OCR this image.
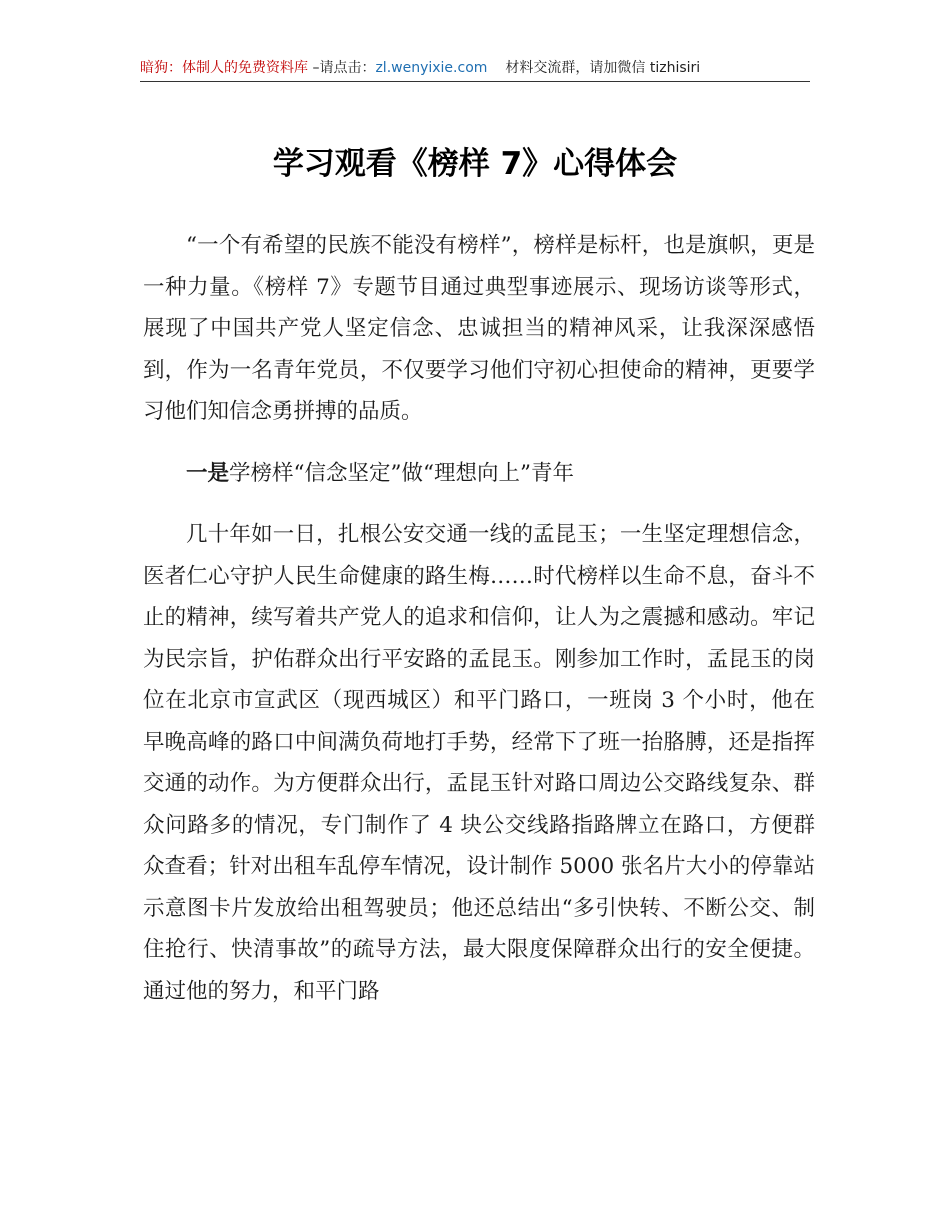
暗狗：体制人的免费资料库 –请点击：zl.wenyixie.com 材料交流群，请加微信 tizhisiri
学习观看《榜样 7》心得体会

“一个有希望的民族不能没有榜样”，榜样是标杆，也是旗帜，更是一种力量。《榜样 7》专题节目通过典型事迹展示、现场访谈等形式，展现了中国共产党人坚定信念、忠诚担当的精神风采，让我深深感悟到，作为一名青年党员，不仅要学习他们守初心担使命的精神，更要学习他们知信念勇拼搏的品质。

一是学榜样“信念坚定”做“理想向上”青年

几十年如一日，扎根公安交通一线的孟昆玉；一生坚定理想信念，医者仁心守护人民生命健康的路生梅……时代榜样以生命不息，奋斗不止的精神，续写着共产党人的追求和信仰，让人为之震撼和感动。牢记为民宗旨，护佑群众出行平安路的孟昆玉。刚参加工作时，孟昆玉的岗位在北京市宣武区（现西城区）和平门路口，一班岗 3 个小时，他在早晚高峰的路口中间满负荷地打手势，经常下了班一抬胳膊，还是指挥交通的动作。为方便群众出行，孟昆玉针对路口周边公交路线复杂、群众问路多的情况，专门制作了 4 块公交线路指路牌立在路口，方便群众查看；针对出租车乱停车情况，设计制作 5000 张名片大小的停靠站示意图卡片发放给出租驾驶员；他还总结出“多引快转、不断公交、制住抢行、快清事故”的疏导方法，最大限度保障群众出行的安全便捷。通过他的努力，和平门路
